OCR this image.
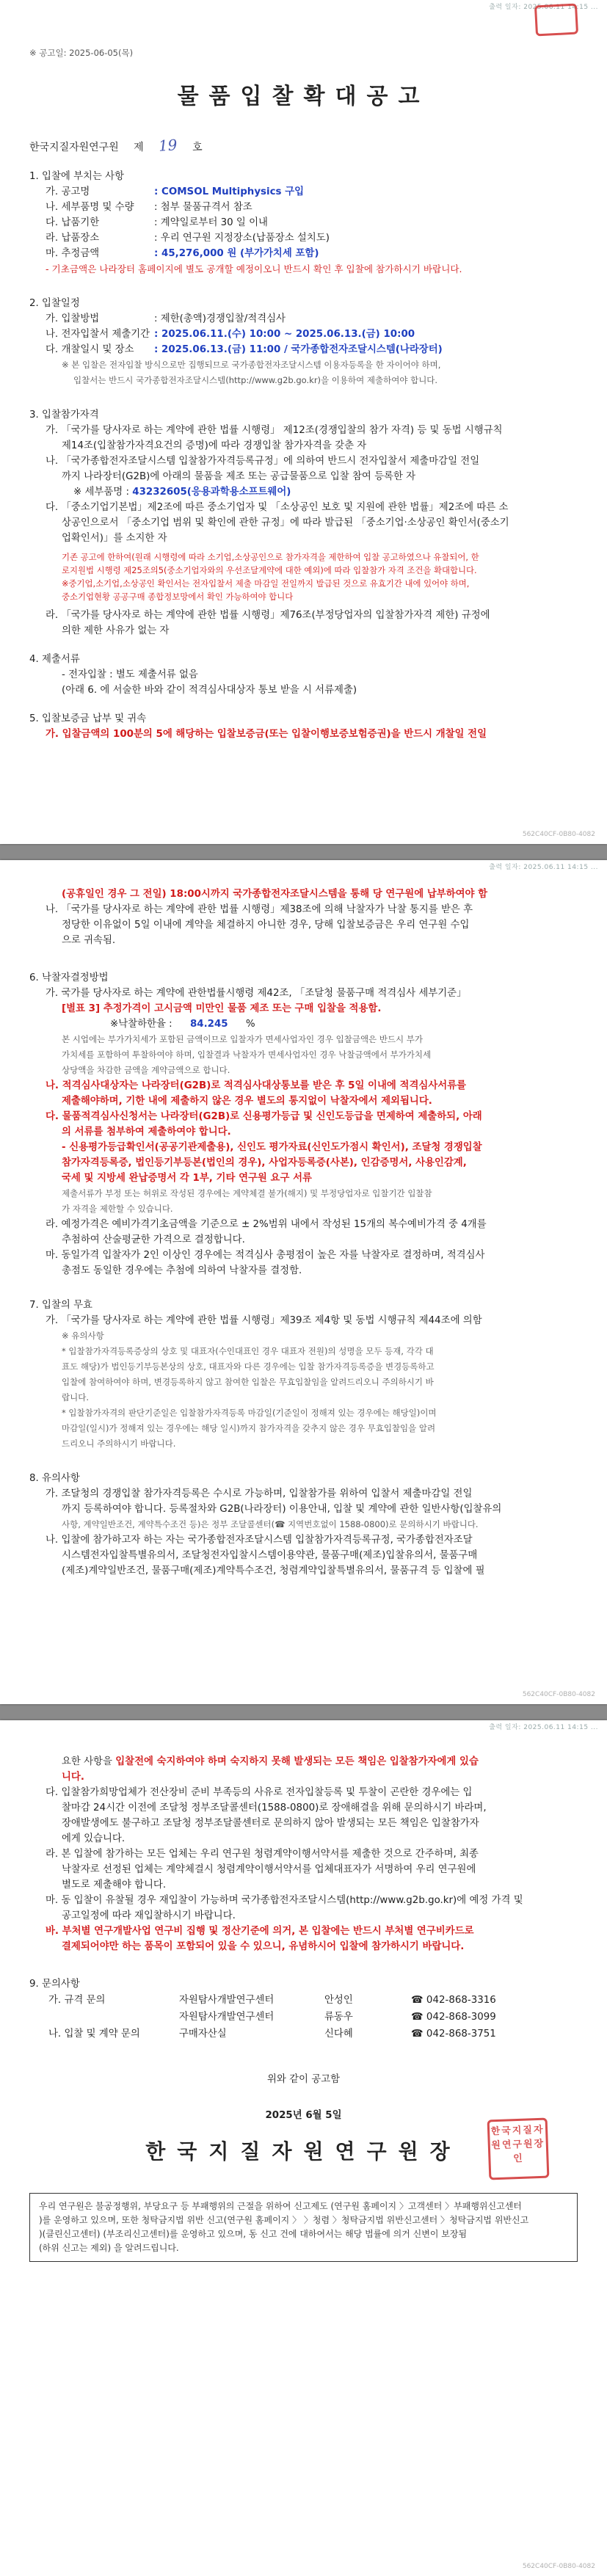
출력 일자: 2025.06.11 14:15 ...
※ 공고일: 2025-06-05(목)
물품입찰확대공고
한국지질자원연구원 제 19 호
1. 입찰에 부치는 사항
가. 공고명	: COMSOL Multiphysics 구입
나. 세부품명 및 수량	: 첨부 물품규격서 참조
다. 납품기한	: 계약일로부터 30 일 이내
라. 납품장소	: 우리 연구원 지정장소(납품장소 설치도)
마. 추정금액	: 45,276,000 원 (부가가치세 포함)
- 기초금액은 나라장터 홈페이지에 별도 공개할 예정이오니 반드시 확인 후 입찰에 참가하시기 바랍니다.
2. 입찰일정
가. 입찰방법	: 제한(총액)경쟁입찰/적격심사
나. 전자입찰서 제출기간 : 2025.06.11.(수) 10:00 ~ 2025.06.13.(금) 10:00
다. 개찰일시 및 장소	: 2025.06.13.(금) 11:00 / 국가종합전자조달시스템(나라장터)
※ 본 입찰은 전자입찰 방식으로만 집행되므로 국가종합전자조달시스템 이용자등록을 한 자이어야 하며,
입찰서는 반드시 국가종합전자조달시스템(http://www.g2b.go.kr)을 이용하여 제출하여야 합니다.
3. 입찰참가자격
가. 「국가를 당사자로 하는 계약에 관한 법률 시행령」 제12조(경쟁입찰의 참가 자격) 등 및 동법 시행규칙
제14조(입찰참가자격요건의 증명)에 따라 경쟁입찰 참가자격을 갖춘 자
나. 「국가종합전자조달시스템 입찰참가자격등록규정」에 의하여 반드시 전자입찰서 제출마감일 전일
까지 나라장터(G2B)에 아래의 물품을 제조 또는 공급물품으로 입찰 참여 등록한 자
※ 세부품명 : 43232605(응용과학용소프트웨어)
다. 「중소기업기본법」제2조에 따른 중소기업자 및 「소상공인 보호 및 지원에 관한 법률」제2조에 따른 소
상공인으로서 「중소기업 범위 및 확인에 관한 규정」에 따라 발급된 「중소기업·소상공인 확인서(중소기
업확인서)」를 소지한 자
기존 공고에 한하여(원래 시행령에 따라 소기업,소상공인으로 참가자격을 제한하여 입찰 공고하였으나 유찰되어, 한
로지원법 시행령 제25조의5(중소기업자와의 우선조달계약에 대한 예외)에 따라 입찰참가 자격 조건을 확대합니다.
※중기업,소기업,소상공인 확인서는 전자입찰서 제출 마감일 전일까지 발급된 것으로 유효기간 내에 있어야 하며,
중소기업현황 공공구매 종합정보망에서 확인 가능하여야 합니다
라. 「국가를 당사자로 하는 계약에 관한 법률 시행령」제76조(부정당업자의 입찰참가자격 제한) 규정에
의한 제한 사유가 없는 자
4. 제출서류
- 전자입찰 : 별도 제출서류 없음
(아래 6. 에 서술한 바와 같이 적격심사대상자 통보 받을 시 서류제출)
5. 입찰보증금 납부 및 귀속
가. 입찰금액의 100분의 5에 해당하는 입찰보증금(또는 입찰이행보증보험증권)을 반드시 개찰일 전일
562C40CF-0B80-4082
출력 일자: 2025.06.11 14:15 ...
(공휴일인 경우 그 전일) 18:00시까지 국가종합전자조달시스템을 통해 당 연구원에 납부하여야 함
나. 「국가를 당사자로 하는 계약에 관한 법률 시행령」제38조에 의해 낙찰자가 낙찰 통지를 받은 후
정당한 이유없이 5일 이내에 계약을 체결하지 아니한 경우, 당해 입찰보증금은 우리 연구원 수입
으로 귀속됨.
6. 낙찰자결정방법
가. 국가를 당사자로 하는 계약에 관한법률시행령 제42조, 「조달청 물품구매 적격심사 세부기준」
[별표 3] 추정가격이 고시금액 미만인 물품 제조 또는 구매 입찰을 적용함.
※낙찰하한율 : 84.245 %
본 시업에는 부가가치세가 포함된 금액이므로 입찰자가 면세사업자인 경우 입찰금액은 반드시 부가
가치세를 포함하여 투찰하여야 하며, 입찰결과 낙찰자가 면세사업자인 경우 낙찰금액에서 부가가치세
상당액을 차감한 금액을 계약금액으로 합니다.
나. 적격심사대상자는 나라장터(G2B)로 적격심사대상통보를 받은 후 5일 이내에 적격심사서류를
제출해야하며, 기한 내에 제출하지 않은 경우 별도의 통지없이 낙찰자에서 제외됩니다.
다. 물품적격심사신청서는 나라장터(G2B)로 신용평가등급 및 신인도등급을 면제하여 제출하되, 아래
의 서류를 첨부하여 제출하여야 합니다.
- 신용평가등급확인서(공공기관제출용), 신인도 평가자료(신인도가점시 확인서), 조달청 경쟁입찰
참가자격등록증, 법인등기부등본(법인의 경우), 사업자등록증(사본), 인감증명서, 사용인감계,
국세 및 지방세 완납증명서 각 1부, 기타 연구원 요구 서류
제출서류가 부정 또는 허위로 작성된 경우에는 계약체결 불가(해지) 및 부정당업자로 입찰기간 입찰참
가 자격을 제한할 수 있습니다.
라. 예정가격은 예비가격기초금액을 기준으로 ± 2%범위 내에서 작성된 15개의 복수예비가격 중 4개를
추첨하여 산술평균한 가격으로 결정합니다.
마. 동일가격 입찰자가 2인 이상인 경우에는 적격심사 총평점이 높은 자를 낙찰자로 결정하며, 적격심사
총점도 동일한 경우에는 추첨에 의하여 낙찰자를 결정함.
7. 입찰의 무효
가. 「국가를 당사자로 하는 계약에 관한 법률 시행령」제39조 제4항 및 동법 시행규칙 제44조에 의함
※ 유의사항
* 입찰참가자격등록증상의 상호 및 대표자(수인대표인 경우 대표자 전원)의 성명을 모두 등재, 각각 대
표도 해당)가 법인등기부등본상의 상호, 대표자와 다른 경우에는 입찰 참가자격등록증을 변경등록하고
입찰에 참여하여야 하며, 변경등록하지 않고 참여한 입찰은 무효입찰임을 알려드리오니 주의하시기 바
랍니다.
* 입찰참가자격의 판단기준일은 입찰참가자격등록 마감일(기준일이 정해져 있는 경우에는 해당일)이며
마감일(일시)가 정해져 있는 경우에는 해당 일시)까지 참가자격을 갖추지 않은 경우 무효입찰임을 알려
드리오니 주의하시기 바랍니다.
8. 유의사항
가. 조달청의 경쟁입찰 참가자격등록은 수시로 가능하며, 입찰참가를 위하여 입찰서 제출마감일 전일
까지 등록하여야 합니다. 등록절차와 G2B(나라장터) 이용안내, 입찰 및 계약에 관한 일반사항(입찰유의
사항, 계약일반조건, 계약특수조건 등)은 정부 조달콜센터(☎ 지역번호없이 1588-0800)로 문의하시기 바랍니다.
나. 입찰에 참가하고자 하는 자는 국가종합전자조달시스템 입찰참가자격등록규정, 국가종합전자조달
시스템전자입찰특별유의서, 조달청전자입찰시스템이용약관, 물품구매(제조)입찰유의서, 물품구매
(제조)계약일반조건, 물품구매(제조)계약특수조건, 청렴계약입찰특별유의서, 물품규격 등 입찰에 필
562C40CF-0B80-4082
출력 일자: 2025.06.11 14:15 ...
요한 사항을 입찰전에 숙지하여야 하며 숙지하지 못해 발생되는 모든 책임은 입찰참가자에게 있습
니다.
다. 입찰참가희망업체가 전산장비 준비 부족등의 사유로 전자입찰등록 및 투찰이 곤란한 경우에는 입
찰마감 24시간 이전에 조달청 정부조달콜센터(1588-0800)로 장애해결을 위해 문의하시기 바라며,
장애발생에도 불구하고 조달청 정부조달콜센터로 문의하지 않아 발생되는 모든 책임은 입찰참가자
에게 있습니다.
라. 본 입찰에 참가하는 모든 업체는 우리 연구원 청렴계약이행서약서를 제출한 것으로 간주하며, 최종
낙찰자로 선정된 업체는 계약체결시 청렴계약이행서약서를 업체대표자가 서명하여 우리 연구원에
별도로 제출해야 합니다.
마. 동 입찰이 유찰될 경우 재입찰이 가능하며 국가종합전자조달시스템(http://www.g2b.go.kr)에 예정 가격 및
공고일정에 따라 재입찰하시기 바랍니다.
바. 부처별 연구개발사업 연구비 집행 및 정산기준에 의거, 본 입찰에는 반드시 부처별 연구비카드로
결제되어야만 하는 품목이 포함되어 있을 수 있으니, 유념하시어 입찰에 참가하시기 바랍니다.
9. 문의사항
가. 규격 문의	자원탐사개발연구센터	안성인	☎ 042-868-3316
	자원탐사개발연구센터	류동우	☎ 042-868-3099
나. 입찰 및 계약 문의	구매자산실	신다혜	☎ 042-868-3751
위와 같이 공고함
2025년 6월 5일
한국지질자원연구원장
한국지질자원연구원장인
우리 연구원은 불공정행위, 부당요구 등 부패행위의 근절을 위하여 신고제도 (연구원 홈페이지 〉고객센터 〉부패행위신고센터
)를 운영하고 있으며, 또한 청탁금지법 위반 신고(연구원 홈페이지 〉 〉청렴 〉청탁금지법 위반신고센터 〉청탁금지법 위반신고
)(클린신고센터) (부조리신고센터)를 운영하고 있으며, 동 신고 건에 대하여서는 해당 법률에 의거 신변이 보장됨
(하위 신고는 제외) 을 알려드립니다.
562C40CF-0B80-4082
